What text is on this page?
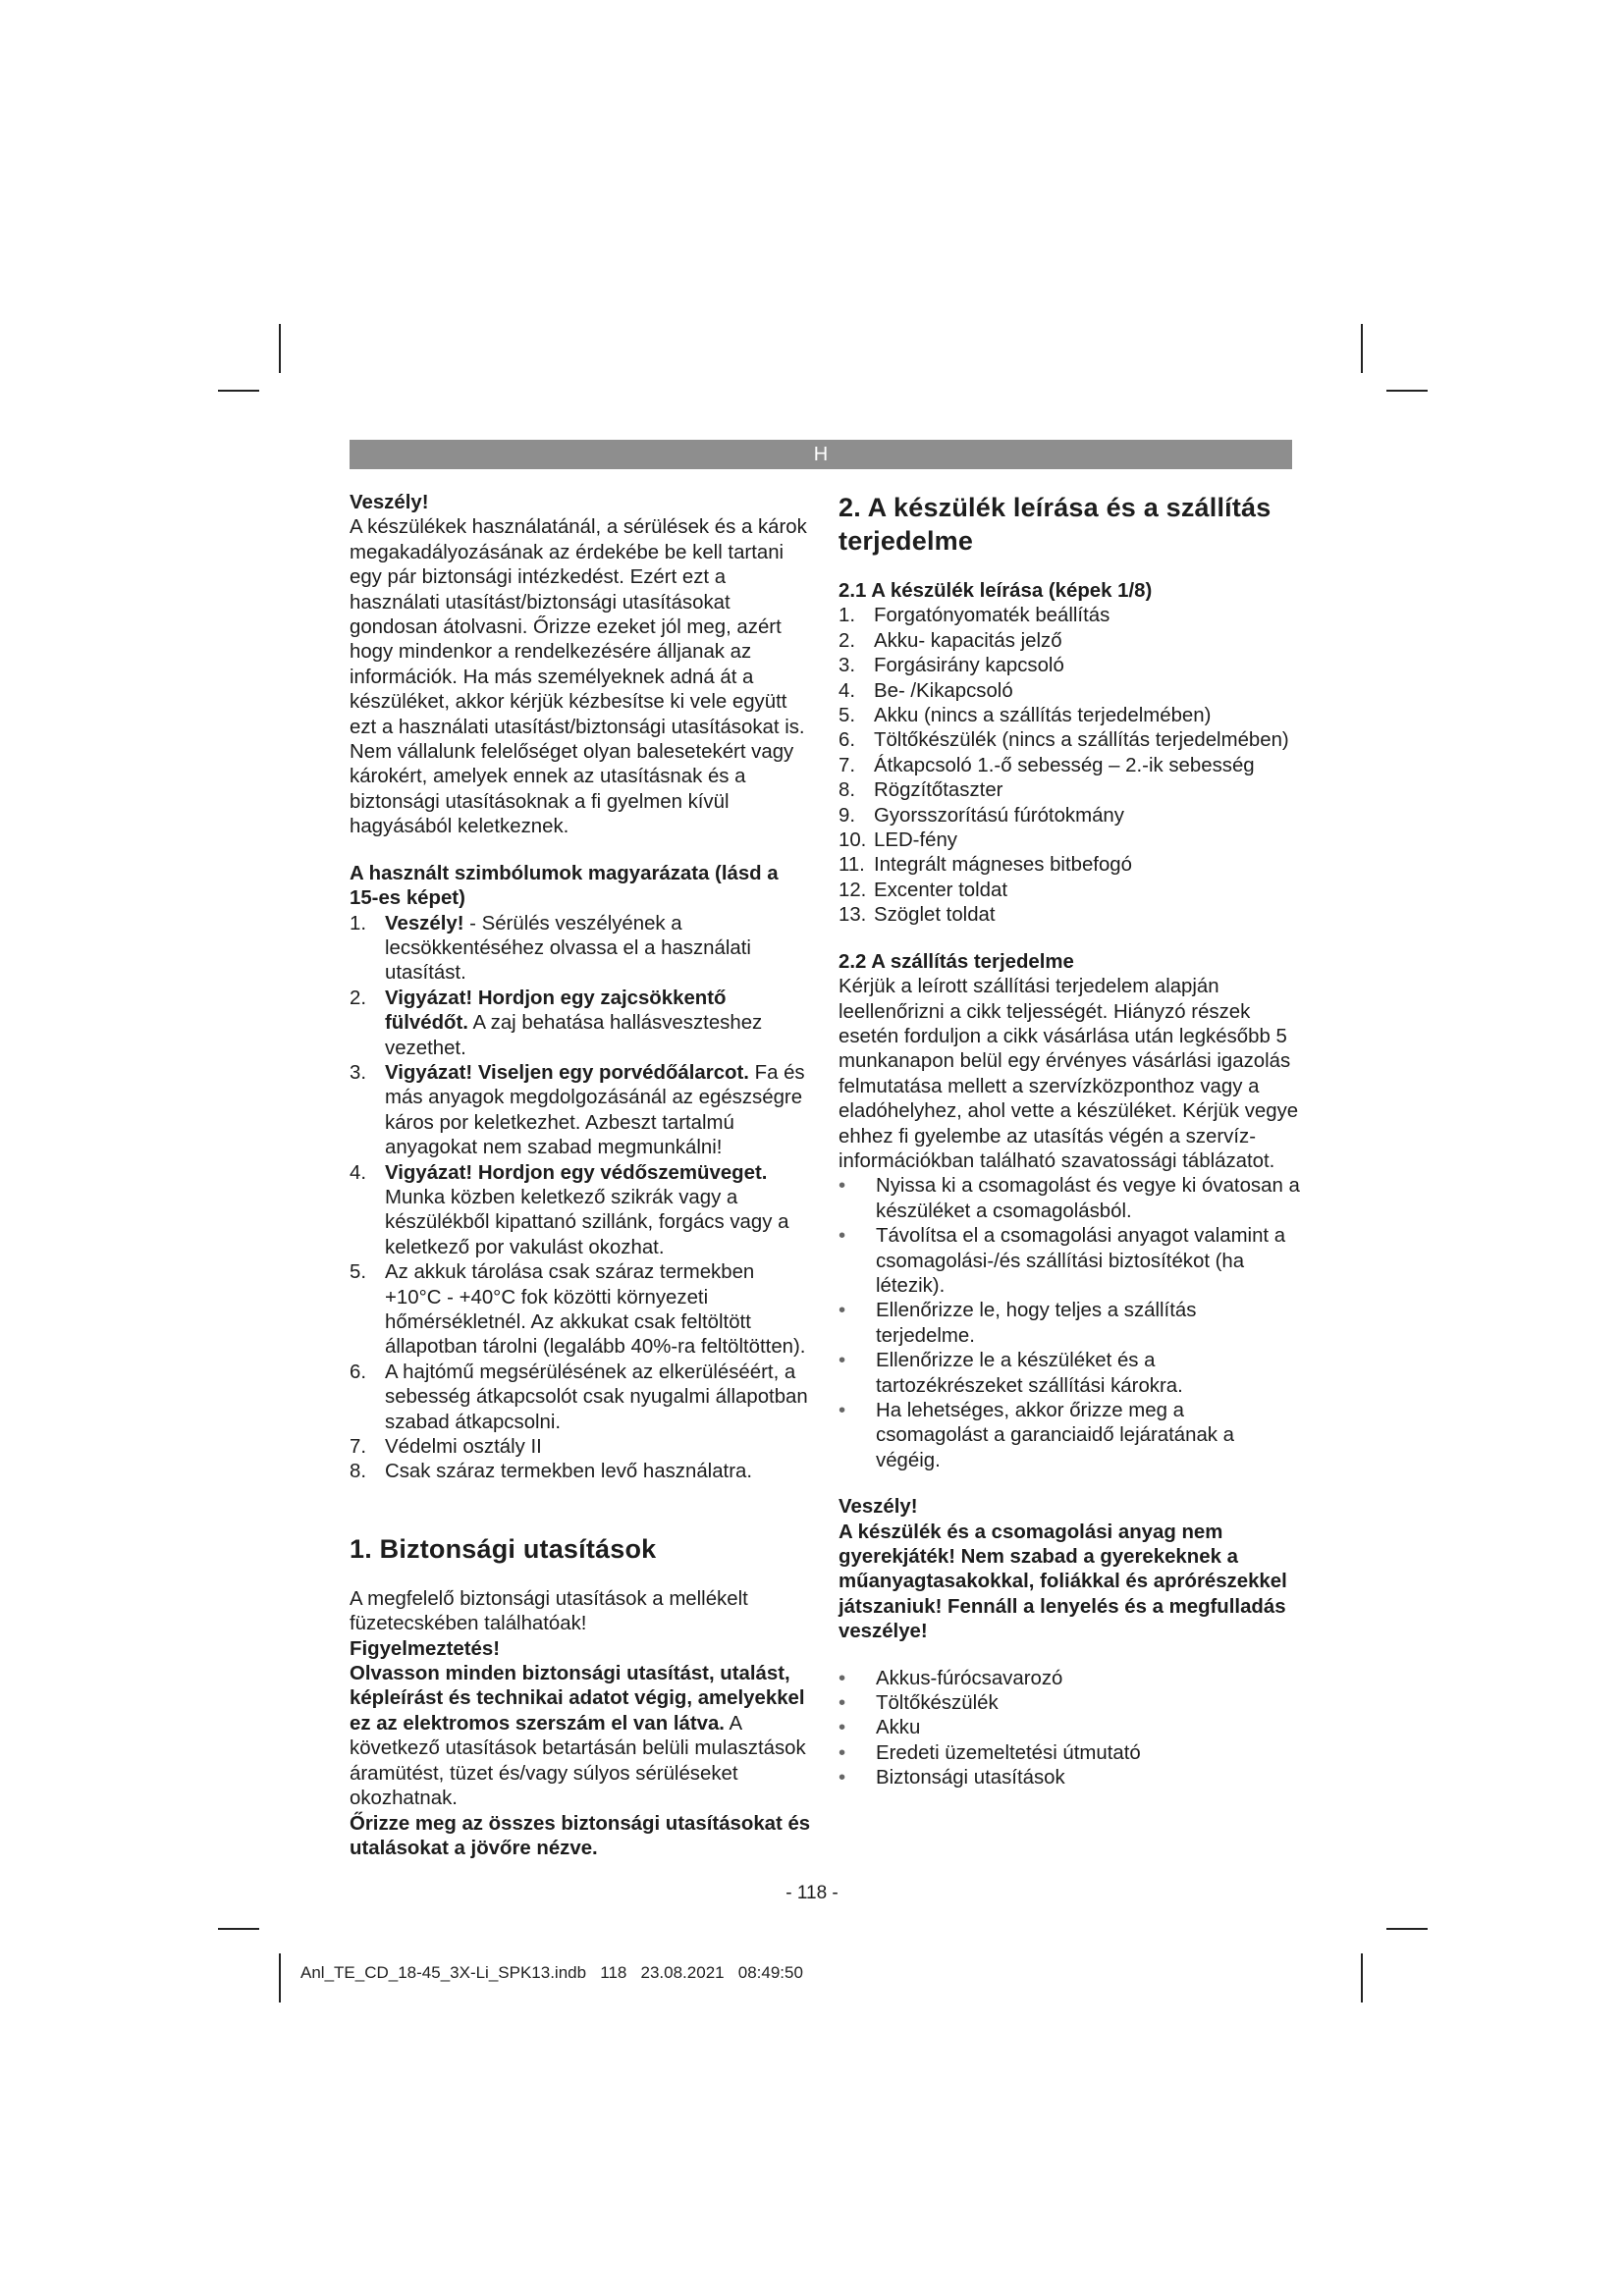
H

Veszély!

A készülékek használatánál, a sérülések és a károk megakadályozásának az érdekébe be kell tartani egy pár biztonsági intézkedést. Ezért ezt a használati utasítást/biztonsági utasításokat gondosan átolvasni. Őrizze ezeket jól meg, azért hogy mindenkor a rendelkezésére álljanak az információk. Ha más személyeknek adná át a készüléket, akkor kérjük kézbesítse ki vele együtt ezt a használati utasítást/biztonsági utasításokat is. Nem vállalunk felelőséget olyan balesetekért vagy károkért, amelyek ennek az utasításnak és a biztonsági utasításoknak a fi gyelmen kívül hagyásából keletkeznek.

A használt szimbólumok magyarázata (lásd a 15-es képet)

1. Veszély! - Sérülés veszélyének a lecsökkentéséhez olvassa el a használati utasítást.
2. Vigyázat! Hordjon egy zajcsökkentő fülvédőt. A zaj behatása hallásveszteshez vezethet.
3. Vigyázat! Viseljen egy porvédőálarcot. Fa és más anyagok megdolgozásánál az egészségre káros por keletkezhet. Azbeszt tartalmú anyagokat nem szabad megmunkálni!
4. Vigyázat! Hordjon egy védőszemüveget. Munka közben keletkező szikrák vagy a készülékből kipattanó szillánk, forgács vagy a keletkező por vakulást okozhat.
5. Az akkuk tárolása csak száraz termekben +10°C - +40°C fok közötti környezeti hőmérsékletnél. Az akkukat csak feltöltött állapotban tárolni (legalább 40%-ra feltöltötten).
6. A hajtómű megsérülésének az elkerüléséért, a sebesség átkapcsolót csak nyugalmi állapotban szabad átkapcsolni.
7. Védelmi osztály II
8. Csak száraz termekben levő használatra.

1. Biztonsági utasítások

A megfelelő biztonsági utasítások a mellékelt füzetecskében találhatóak!

Figyelmeztetés!

Olvasson minden biztonsági utasítást, utalást, képleírást és technikai adatot végig, amelyekkel ez az elektromos szerszám el van látva. A következő utasítások betartásán belüli mulasztások áramütést, tüzet és/vagy súlyos sérüléseket okozhatnak.

Őrizze meg az összes biztonsági utasításokat és utalásokat a jövőre nézve.

2. A készülék leírása és a szállítás terjedelme

2.1 A készülék leírása (képek 1/8)

1. Forgatónyomaték beállítás
2. Akku- kapacitás jelző
3. Forgásirány kapcsoló
4. Be- /Kikapcsoló
5. Akku (nincs a szállítás terjedelmében)
6. Töltőkészülék (nincs a szállítás terjedelmében)
7. Átkapcsoló 1.-ő sebesség – 2.-ik sebesség
8. Rögzítőtaszter
9. Gyorsszorítású fúrótokmány
10. LED-fény
11. Integrált mágneses bitbefogó
12. Excenter toldat
13. Szöglet toldat

2.2 A szállítás terjedelme

Kérjük a leírott szállítási terjedelem alapján leellenőrizni a cikk teljességét. Hiányzó részek esetén forduljon a cikk vásárlása után legkésőbb 5 munkanapon belül egy érvényes vásárlási igazolás felmutatása mellett a szervízközponthoz vagy a eladóhelyhez, ahol vette a készüléket. Kérjük vegye ehhez fi gyelembe az utasítás végén a szervíz-információkban található szavatossági táblázatot.

• Nyissa ki a csomagolást és vegye ki óvatosan a készüléket a csomagolásból.
• Távolítsa el a csomagolási anyagot valamint a csomagolási-/és szállítási biztosítékot (ha létezik).
• Ellenőrizze le, hogy teljes a szállítás terjedelme.
• Ellenőrizze le a készüléket és a tartozékrészeket szállítási károkra.
• Ha lehetséges, akkor őrizze meg a csomagolást a garanciaidő lejáratának a végéig.

Veszély!

A készülék és a csomagolási anyag nem gyerekjáték! Nem szabad a gyerekeknek a műanyagtasakokkal, foliákkal és aprórészekkel játszaniuk! Fennáll a lenyelés és a megfulladás veszélye!

• Akkus-fúrócsavarozó
• Töltőkészülék
• Akku
• Eredeti üzemeltetési útmutató
• Biztonsági utasítások
- 118 -
Anl_TE_CD_18-45_3X-Li_SPK13.indb   118   23.08.2021   08:49:50
